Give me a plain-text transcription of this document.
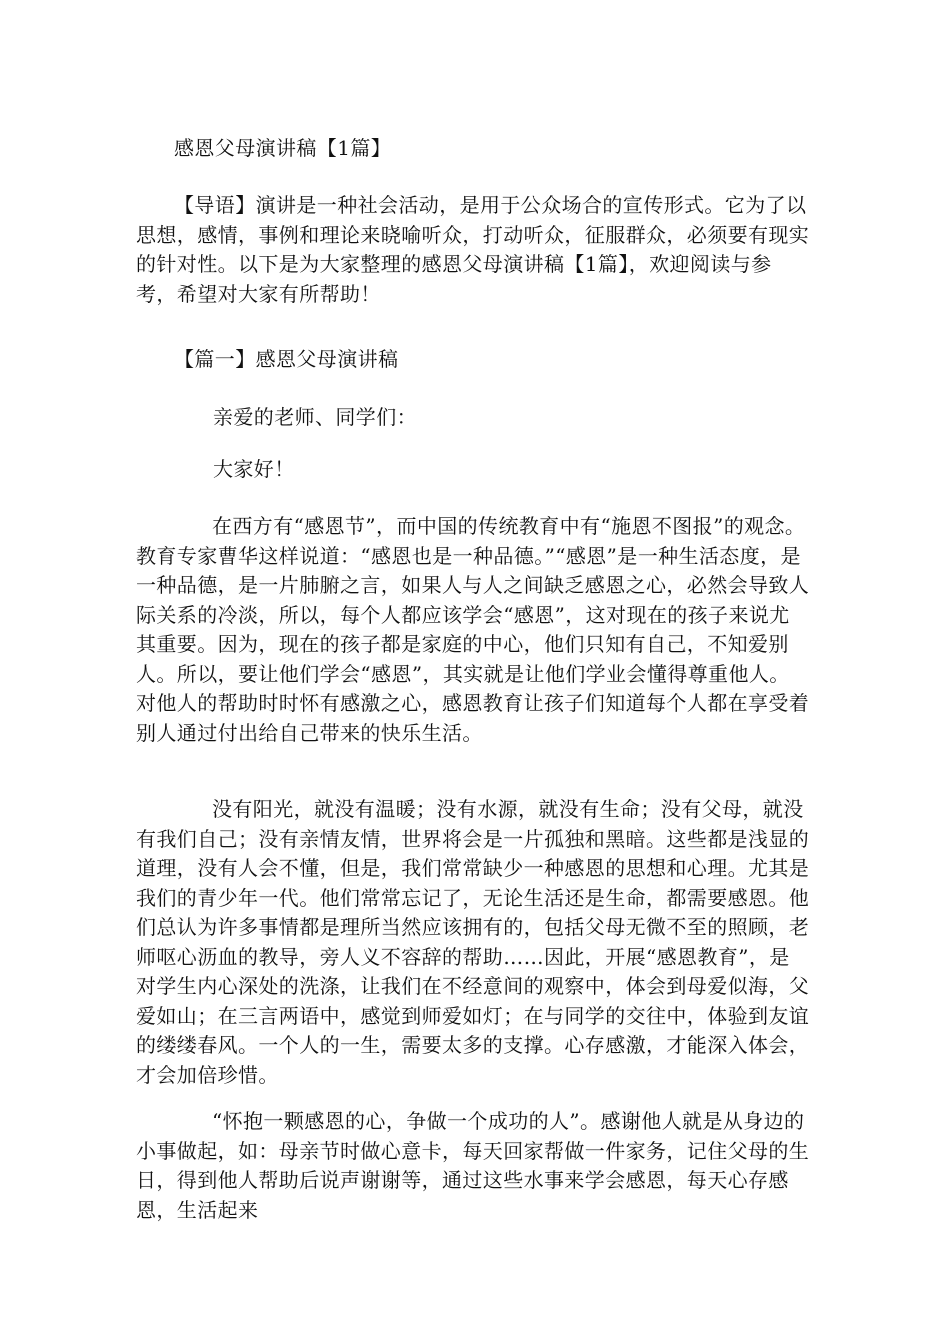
感恩父母演讲稿【1篇】
【导语】演讲是一种社会活动，是用于公众场合的宣传形式。它为了以思想，感情，事例和理论来晓喻听众，打动听众，征服群众，必须要有现实的针对性。以下是为大家整理的感恩父母演讲稿【1篇】，欢迎阅读与参考，希望对大家有所帮助！
【篇一】感恩父母演讲稿
亲爱的老师、同学们：
大家好！
在西方有“感恩节”，而中国的传统教育中有“施恩不图报”的观念。教育专家曹华这样说道：“感恩也是一种品德。”“感恩”是一种生活态度，是一种品德，是一片肺腑之言，如果人与人之间缺乏感恩之心，必然会导致人际关系的冷淡，所以，每个人都应该学会“感恩”，这对现在的孩子来说尤其重要。因为，现在的孩子都是家庭的中心，他们只知有自己，不知爱别人。所以，要让他们学会“感恩”，其实就是让他们学业会懂得尊重他人。对他人的帮助时时怀有感激之心，感恩教育让孩子们知道每个人都在享受着别人通过付出给自己带来的快乐生活。
没有阳光，就没有温暖；没有水源，就没有生命；没有父母，就没有我们自己；没有亲情友情，世界将会是一片孤独和黑暗。这些都是浅显的道理，没有人会不懂，但是，我们常常缺少一种感恩的思想和心理。尤其是我们的青少年一代。他们常常忘记了，无论生活还是生命，都需要感恩。他们总认为许多事情都是理所当然应该拥有的，包括父母无微不至的照顾，老师呕心沥血的教导，旁人义不容辞的帮助……因此，开展“感恩教育”，是对学生内心深处的洗涤，让我们在不经意间的观察中，体会到母爱似海，父爱如山；在三言两语中，感觉到师爱如灯；在与同学的交往中，体验到友谊的缕缕春风。一个人的一生，需要太多的支撑。心存感激，才能深入体会，才会加倍珍惜。
“怀抱一颗感恩的心，争做一个成功的人”。感谢他人就是从身边的小事做起，如：母亲节时做心意卡，每天回家帮做一件家务，记住父母的生日，得到他人帮助后说声谢谢等，通过这些水事来学会感恩，每天心存感恩，生活起来
